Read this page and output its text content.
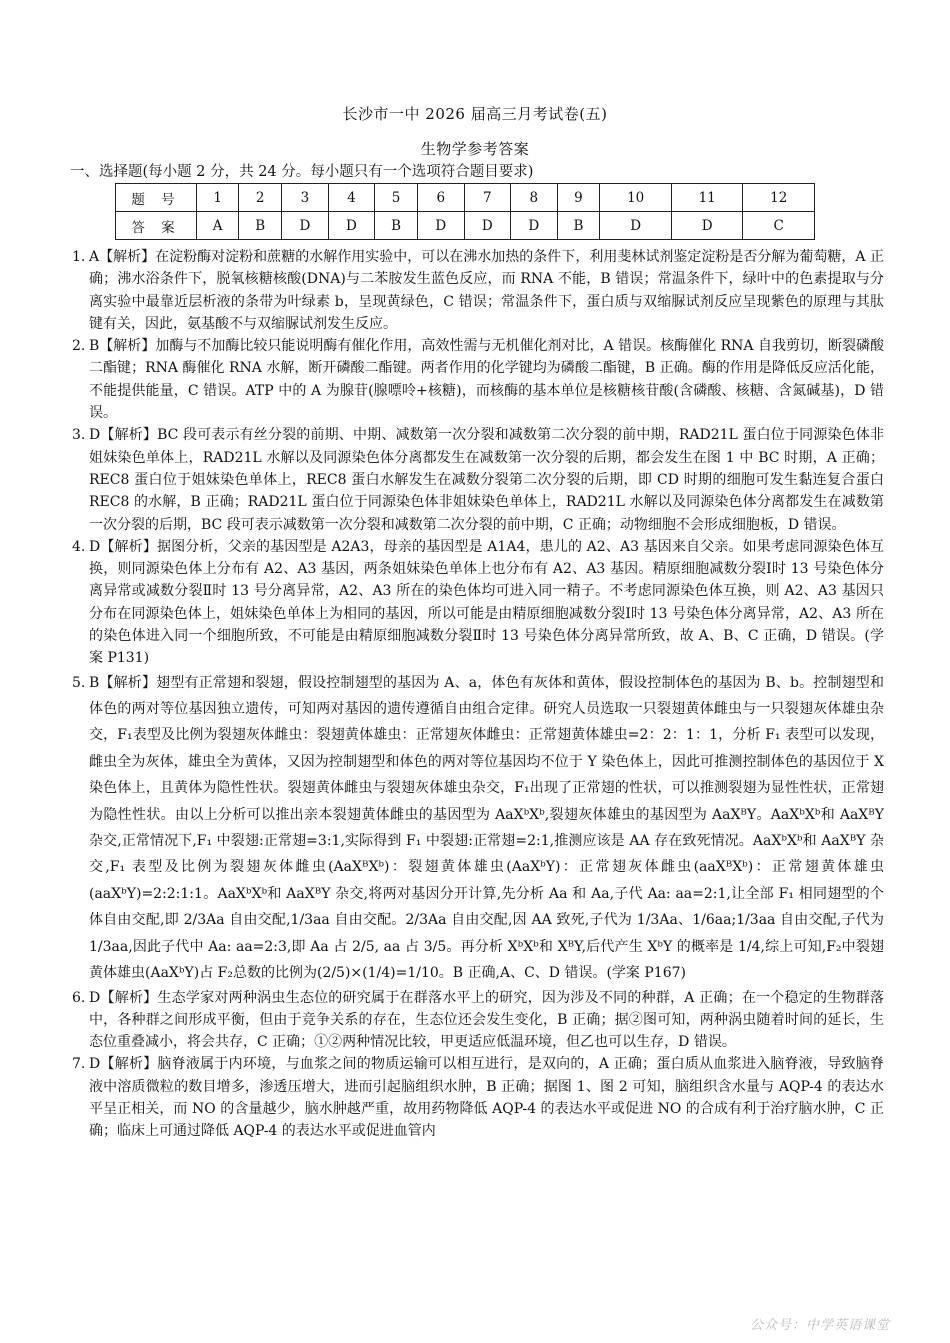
长沙市一中 2026 届高三月考试卷(五)
生物学参考答案
一、选择题(每小题 2 分，共 24 分。每小题只有一个选项符合题目要求)
题 号	1	2	3	4	5	6	7	8	9	10	11	12
答 案	A	B	D	D	B	D	D	D	B	D	D	C

1. A【解析】在淀粉酶对淀粉和蔗糖的水解作用实验中，可以在沸水加热的条件下，利用斐林试剂鉴定淀粉是否分解为葡萄糖，A 正确；沸水浴条件下，脱氧核糖核酸(DNA)与二苯胺发生蓝色反应，而 RNA 不能，B 错误；常温条件下，绿叶中的色素提取与分离实验中最靠近层析液的条带为叶绿素 b，呈现黄绿色，C 错误；常温条件下，蛋白质与双缩脲试剂反应呈现紫色的原理与其肽键有关，因此，氨基酸不与双缩脲试剂发生反应。

2. B【解析】加酶与不加酶比较只能说明酶有催化作用，高效性需与无机催化剂对比，A 错误。核酶催化 RNA 自我剪切，断裂磷酸二酯键；RNA 酶催化 RNA 水解，断开磷酸二酯键。两者作用的化学键均为磷酸二酯键，B 正确。酶的作用是降低反应活化能，不能提供能量，C 错误。ATP 中的 A 为腺苷(腺嘌呤+核糖)，而核酶的基本单位是核糖核苷酸(含磷酸、核糖、含氮碱基)，D 错误。

3. D【解析】BC 段可表示有丝分裂的前期、中期、减数第一次分裂和减数第二次分裂的前中期，RAD21L 蛋白位于同源染色体非姐妹染色单体上，RAD21L 水解以及同源染色体分离都发生在减数第一次分裂的后期，都会发生在图 1 中 BC 时期，A 正确；REC8 蛋白位于姐妹染色单体上，REC8 蛋白水解发生在减数分裂第二次分裂的后期，即 CD 时期的细胞可发生黏连复合蛋白 REC8 的水解，B 正确；RAD21L 蛋白位于同源染色体非姐妹染色单体上，RAD21L 水解以及同源染色体分离都发生在减数第一次分裂的后期，BC 段可表示减数第一次分裂和减数第二次分裂的前中期，C 正确；动物细胞不会形成细胞板，D 错误。

4. D【解析】据图分析，父亲的基因型是 A2A3，母亲的基因型是 A1A4，患儿的 A2、A3 基因来自父亲。如果考虑同源染色体互换，则同源染色体上分布有 A2、A3 基因，两条姐妹染色单体上也分布有 A2、A3 基因。精原细胞减数分裂Ⅰ时 13 号染色体分离异常或减数分裂Ⅱ时 13 号分离异常，A2、A3 所在的染色体均可进入同一精子。不考虑同源染色体互换，则 A2、A3 基因只分布在同源染色体上，姐妹染色单体上为相同的基因，所以可能是由精原细胞减数分裂Ⅰ时 13 号染色体分离异常，A2、A3 所在的染色体进入同一个细胞所致，不可能是由精原细胞减数分裂Ⅱ时 13 号染色体分离异常所致，故 A、B、C 正确，D 错误。(学案 P131)

5. B【解析】翅型有正常翅和裂翅，假设控制翅型的基因为 A、a，体色有灰体和黄体，假设控制体色的基因为 B、b。控制翅型和体色的两对等位基因独立遗传，可知两对基因的遗传遵循自由组合定律。研究人员选取一只裂翅黄体雌虫与一只裂翅灰体雄虫杂交，F₁表型及比例为裂翅灰体雌虫：裂翅黄体雄虫：正常翅灰体雌虫：正常翅黄体雄虫=2：2：1：1，分析 F₁ 表型可以发现，雌虫全为灰体，雄虫全为黄体，又因为控制翅型和体色的两对等位基因均不位于 Y 染色体上，因此可推测控制体色的基因位于 X 染色体上，且黄体为隐性性状。裂翅黄体雌虫与裂翅灰体雄虫杂交，F₁出现了正常翅的性状，可以推测裂翅为显性性状，正常翅为隐性性状。由以上分析可以推出亲本裂翅黄体雌虫的基因型为 AaXᵇXᵇ,裂翅灰体雄虫的基因型为 AaXᴮY。AaXᵇXᵇ和 AaXᴮY 杂交,正常情况下,F₁ 中裂翅:正常翅=3:1,实际得到 F₁ 中裂翅:正常翅=2:1,推测应该是 AA 存在致死情况。AaXᵇXᵇ和 AaXᴮY 杂交,F₁ 表型及比例为裂翅灰体雌虫(AaXᴮXᵇ)：裂翅黄体雄虫(AaXᵇY)：正常翅灰体雌虫(aaXᴮXᵇ)：正常翅黄体雄虫(aaXᵇY)=2:2:1:1。AaXᵇXᵇ和 AaXᴮY 杂交,将两对基因分开计算,先分析 Aa 和 Aa,子代 Aa: aa=2:1,让全部 F₁ 相同翅型的个体自由交配,即 2/3Aa 自由交配,1/3aa 自由交配。2/3Aa 自由交配,因 AA 致死,子代为 1/3Aa、1/6aa;1/3aa 自由交配,子代为 1/3aa,因此子代中 Aa: aa=2:3,即 Aa 占 2/5, aa 占 3/5。再分析 XᵇXᵇ和 XᴮY,后代产生 XᵇY 的概率是 1/4,综上可知,F₂中裂翅黄体雄虫(AaXᵇY)占 F₂总数的比例为(2/5)×(1/4)=1/10。B 正确,A、C、D 错误。(学案 P167)

6. D【解析】生态学家对两种涡虫生态位的研究属于在群落水平上的研究，因为涉及不同的种群，A 正确；在一个稳定的生物群落中，各种群之间形成平衡，但由于竞争关系的存在，生态位还会发生变化，B 正确；据②图可知，两种涡虫随着时间的延长，生态位重叠减小，将会共存，C 正确；①②两种情况比较，甲更适应低温环境，但乙也可以生存，D 错误。

7. D【解析】脑脊液属于内环境，与血浆之间的物质运输可以相互进行，是双向的，A 正确；蛋白质从血浆进入脑脊液，导致脑脊液中溶质微粒的数目增多，渗透压增大，进而引起脑组织水肿，B 正确；据图 1、图 2 可知，脑组织含水量与 AQP-4 的表达水平呈正相关，而 NO 的含量越少，脑水肿越严重，故用药物降低 AQP-4 的表达水平或促进 NO 的合成有利于治疗脑水肿，C 正确；临床上可通过降低 AQP-4 的表达水平或促进血管内

公众号：中学英语课堂
